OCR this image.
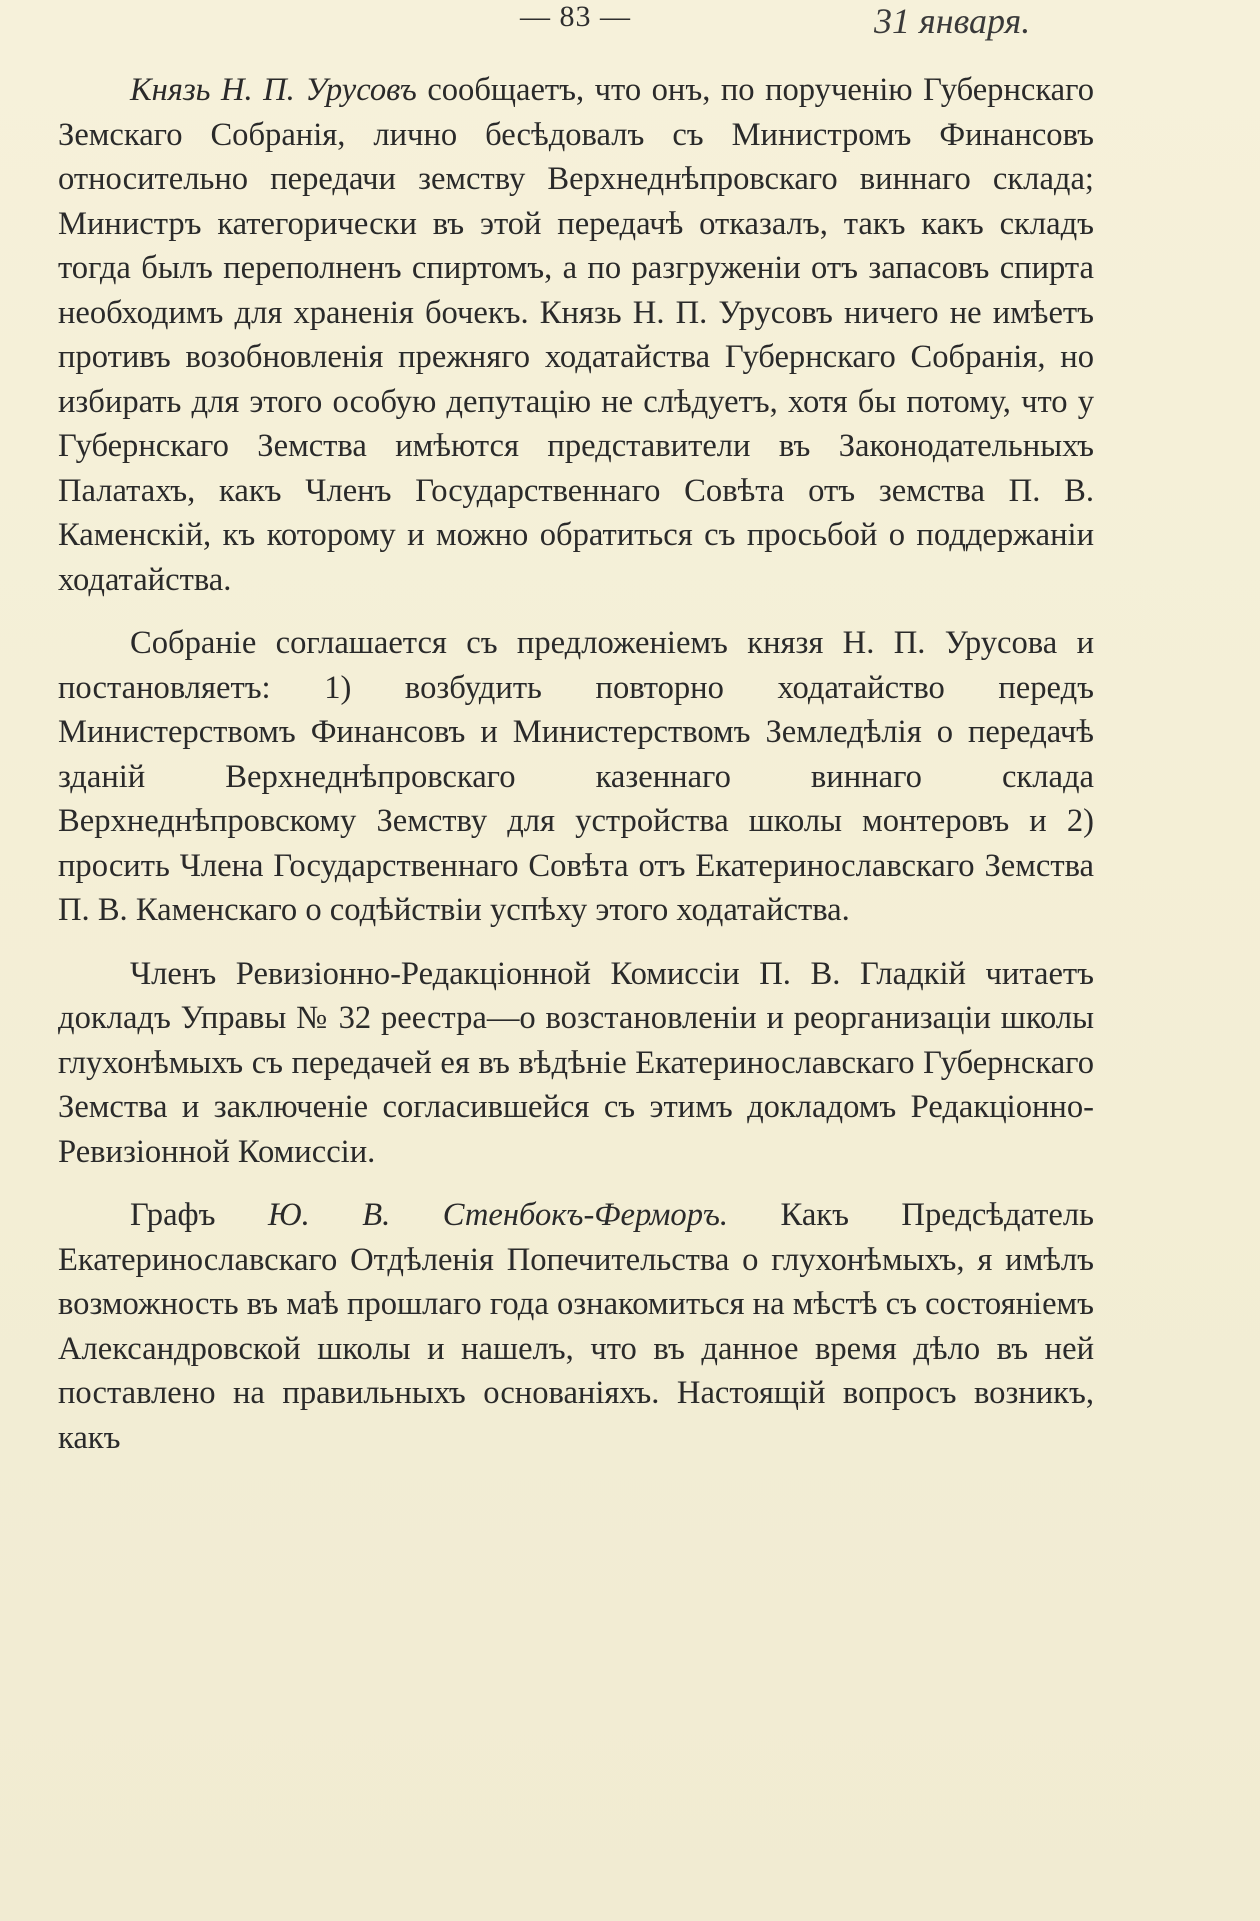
— 83 —	31 января.

Князь Н. П. Урусовъ сообщаетъ, что онъ, по порученію Губернскаго Земскаго Собранія, лично бесѣдовалъ съ Министромъ Финансовъ относительно передачи земству Верхнеднѣпровскаго виннаго склада; Министръ категорически въ этой передачѣ отказалъ, такъ какъ складъ тогда былъ переполненъ спиртомъ, а по разгруженіи отъ запасовъ спирта необходимъ для храненія бочекъ. Князь Н. П. Урусовъ ничего не имѣетъ противъ возобновленія прежняго ходатайства Губернскаго Собранія, но избирать для этого особую депутацію не слѣдуетъ, хотя бы потому, что у Губернскаго Земства имѣются представители въ Законодательныхъ Палатахъ, какъ Членъ Государственнаго Совѣта отъ земства П. В. Каменскій, къ которому и можно обратиться съ просьбой о поддержаніи ходатайства.

Собраніе соглашается съ предложеніемъ князя Н. П. Урусова и постановляетъ: 1) возбудить повторно ходатайство передъ Министерствомъ Финансовъ и Министерствомъ Земледѣлія о передачѣ зданій Верхнеднѣпровскаго казеннаго виннаго склада Верхнеднѣпровскому Земству для устройства школы монтеровъ и 2) просить Члена Государственнаго Совѣта отъ Екатеринославскаго Земства П. В. Каменскаго о содѣйствіи успѣху этого ходатайства.

Членъ Ревизіонно-Редакціонной Комиссіи П. В. Гладкій читаетъ докладъ Управы № 32 реестра—о возстановленіи и реорганизаціи школы глухонѣмыхъ съ передачей ея въ вѣдѣніе Екатеринославскаго Губернскаго Земства и заключеніе согласившейся съ этимъ докладомъ Редакціонно-Ревизіонной Комиссіи.

Графъ Ю. В. Стенбокъ-Ферморъ. Какъ Предсѣдатель Екатеринославскаго Отдѣленія Попечительства о глухонѣмыхъ, я имѣлъ возможность въ маѣ прошлаго года ознакомиться на мѣстѣ съ состояніемъ Александровской школы и нашелъ, что въ данное время дѣло въ ней поставлено на правильныхъ основаніяхъ. Настоящій вопросъ возникъ, какъ
